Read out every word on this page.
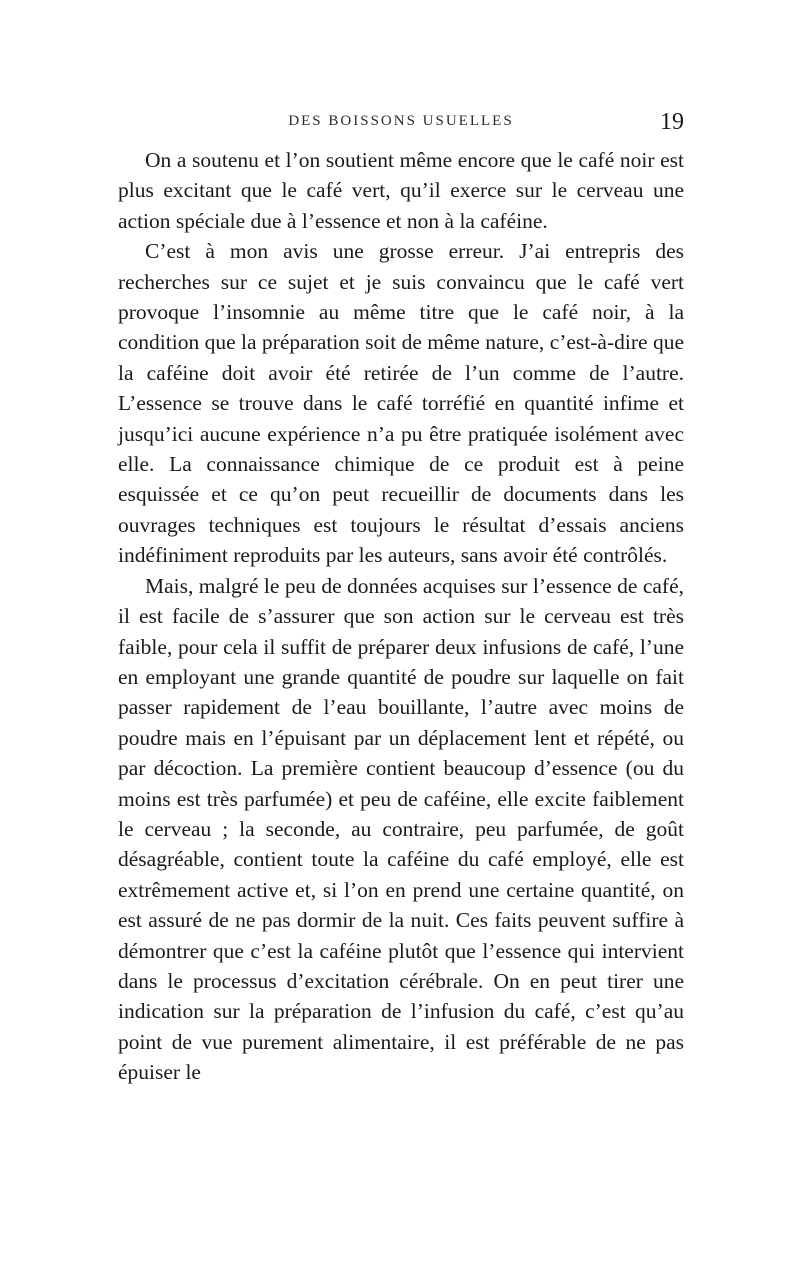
DES BOISSONS USUELLES	19

On a soutenu et l’on soutient même encore que le café noir est plus excitant que le café vert, qu’il exerce sur le cerveau une action spéciale due à l’essence et non à la caféine.

C’est à mon avis une grosse erreur. J’ai entrepris des recherches sur ce sujet et je suis convaincu que le café vert provoque l’insomnie au même titre que le café noir, à la condition que la préparation soit de même nature, c’est-à-dire que la caféine doit avoir été retirée de l’un comme de l’autre. L’essence se trouve dans le café torréfié en quantité infime et jusqu’ici aucune expérience n’a pu être pratiquée isolément avec elle. La connaissance chimique de ce produit est à peine esquissée et ce qu’on peut recueillir de documents dans les ouvrages techniques est toujours le résultat d’essais anciens indéfiniment reproduits par les auteurs, sans avoir été contrôlés.

Mais, malgré le peu de données acquises sur l’essence de café, il est facile de s’assurer que son action sur le cerveau est très faible, pour cela il suffit de préparer deux infusions de café, l’une en employant une grande quantité de poudre sur laquelle on fait passer rapidement de l’eau bouillante, l’autre avec moins de poudre mais en l’épuisant par un déplacement lent et répété, ou par décoction. La première contient beaucoup d’essence (ou du moins est très parfumée) et peu de caféine, elle excite faiblement le cerveau ; la seconde, au contraire, peu parfumée, de goût désagréable, contient toute la caféine du café employé, elle est extrêmement active et, si l’on en prend une certaine quantité, on est assuré de ne pas dormir de la nuit. Ces faits peuvent suffire à démontrer que c’est la caféine plutôt que l’essence qui intervient dans le processus d’excitation cérébrale. On en peut tirer une indication sur la préparation de l’infusion du café, c’est qu’au point de vue purement alimentaire, il est préférable de ne pas épuiser le
